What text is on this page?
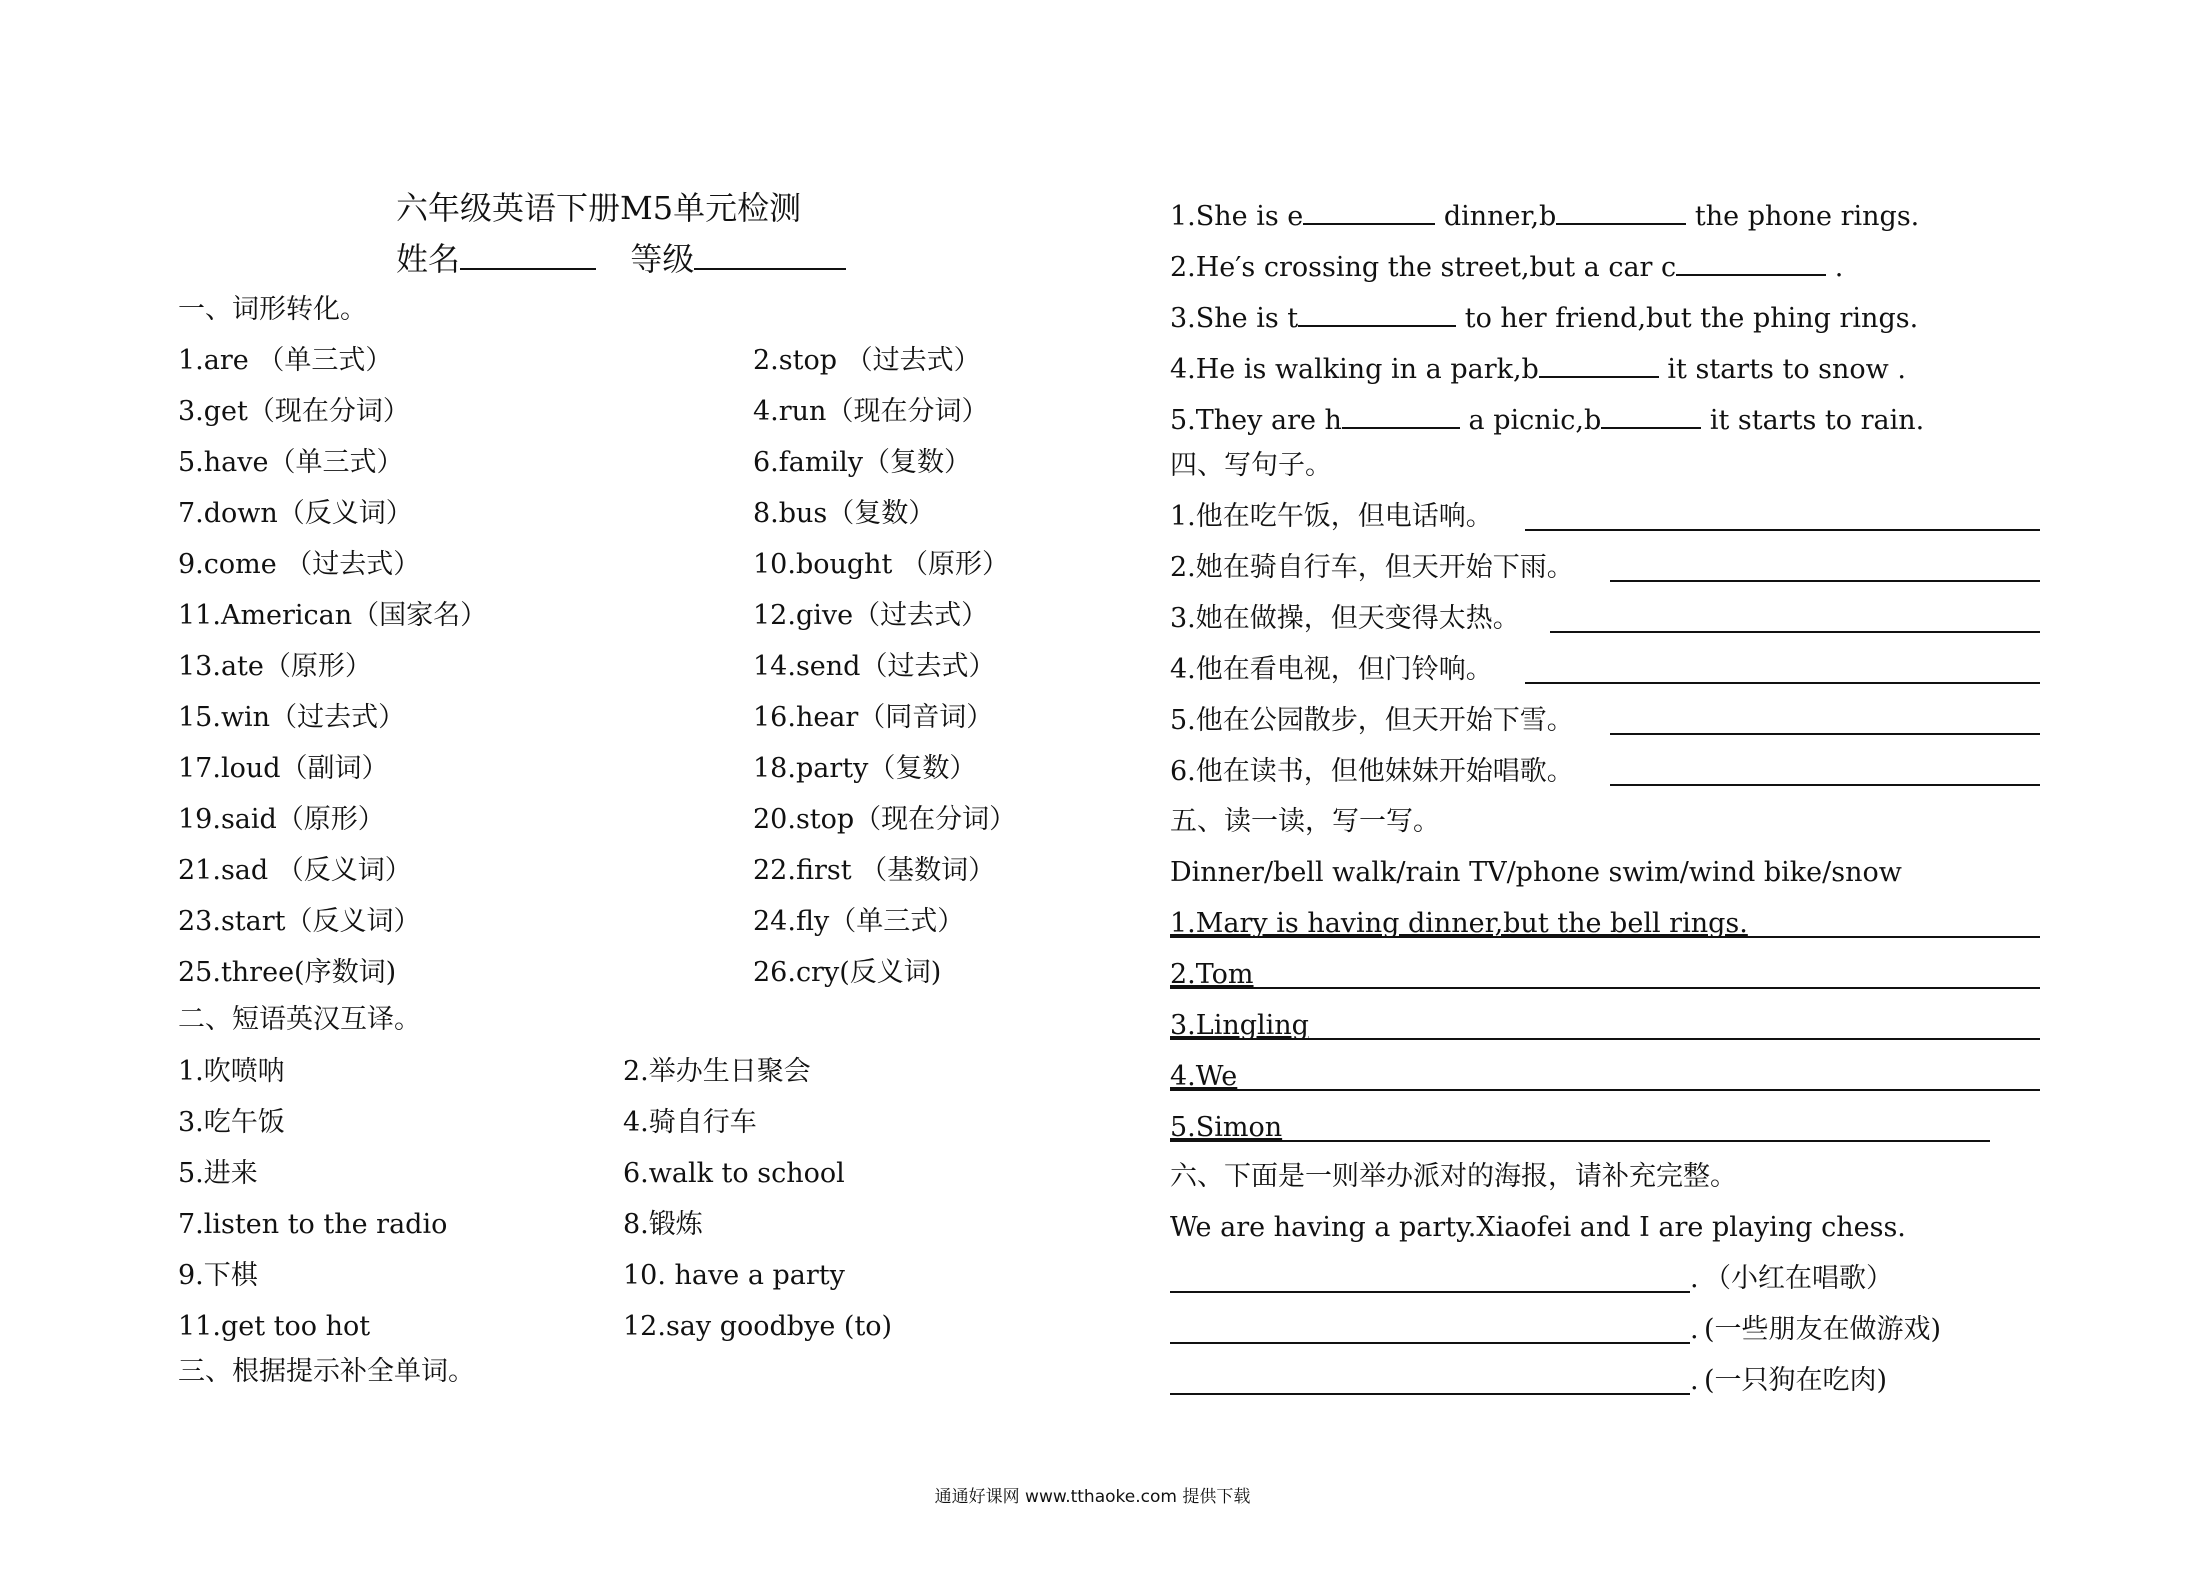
六年级英语下册M5单元检测
姓名	等级
一、词形转化。
1.are （单三式）	2.stop （过去式）
3.get（现在分词）	4.run（现在分词）
5.have（单三式）	6.family（复数）
7.down（反义词）	8.bus（复数）
9.come （过去式）	10.bought （原形）
11.American（国家名）	12.give（过去式）
13.ate（原形）	14.send（过去式）
15.win（过去式）	16.hear（同音词）
17.loud（副词）	18.party（复数）
19.said（原形）	20.stop（现在分词）
21.sad （反义词）	22.first （基数词）
23.start（反义词）	24.fly（单三式）
25.three(序数词)	26.cry(反义词)
二、短语英汉互译。
1.吹喷呐	2.举办生日聚会
3.吃午饭	4.骑自行车
5.进来	6.walk to school
7.listen to the radio	8.锻炼
9.下棋	10. have a party
11.get too hot	12.say goodbye (to)
三、根据提示补全单词。
1.She is e	dinner,b	the phone rings.
2.He′s crossing the street,but a car c	.
3.She is t	to her friend,but the phing rings.
4.He is walking in a park,b	it starts to snow .
5.They are h	a picnic,b	it starts to rain.
四、写句子。
1.他在吃午饭，但电话响。
2.她在骑自行车，但天开始下雨。
3.她在做操，但天变得太热。
4.他在看电视，但门铃响。
5.他在公园散步，但天开始下雪。
6.他在读书，但他妹妹开始唱歌。
五、读一读，写一写。
Dinner/bell walk/rain TV/phone swim/wind bike/snow
1.Mary is having dinner,but the bell rings.
2.Tom
3.Lingling
4.We
5.Simon
六、下面是一则举办派对的海报，请补充完整。
We are having a party.Xiaofei and I are playing chess.
. （小红在唱歌）
. (一些朋友在做游戏)
. (一只狗在吃肉)
通通好课网 www.tthaoke.com 提供下载
